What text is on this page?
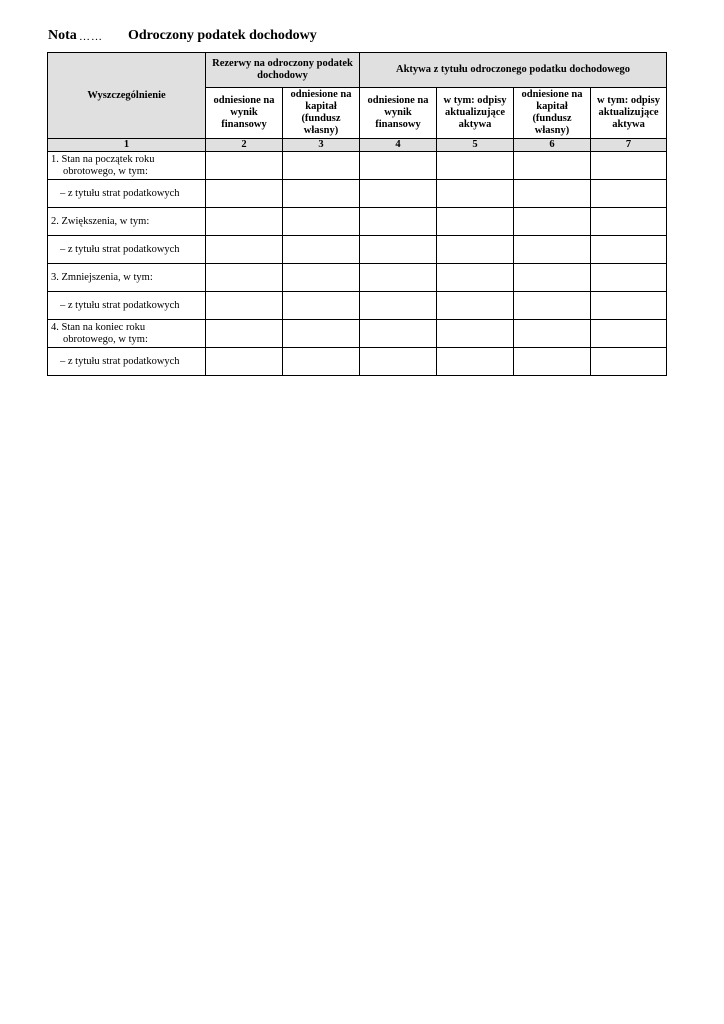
Nota …… Odroczony podatek dochodowy
Wyszczególnienie	Rezerwy na odroczony podatek dochodowy		Aktywa z tytułu odroczonego podatku dochodowego			
	odniesione na wynik finansowy	odniesione na kapitał (fundusz własny)	odniesione na wynik finansowy	w tym: odpisy aktualizujące aktywa	odniesione na kapitał (fundusz własny)	w tym: odpisy aktualizujące aktywa
1	2	3	4	5	6	7
1. Stan na początek roku
obrotowego, w tym:						

– z tytułu strat podatkowych						
2. Zwiększenia, w tym:						
– z tytułu strat podatkowych						
3. Zmniejszenia, w tym:						
– z tytułu strat podatkowych						
4. Stan na koniec roku
obrotowego, w tym:						

– z tytułu strat podatkowych						
